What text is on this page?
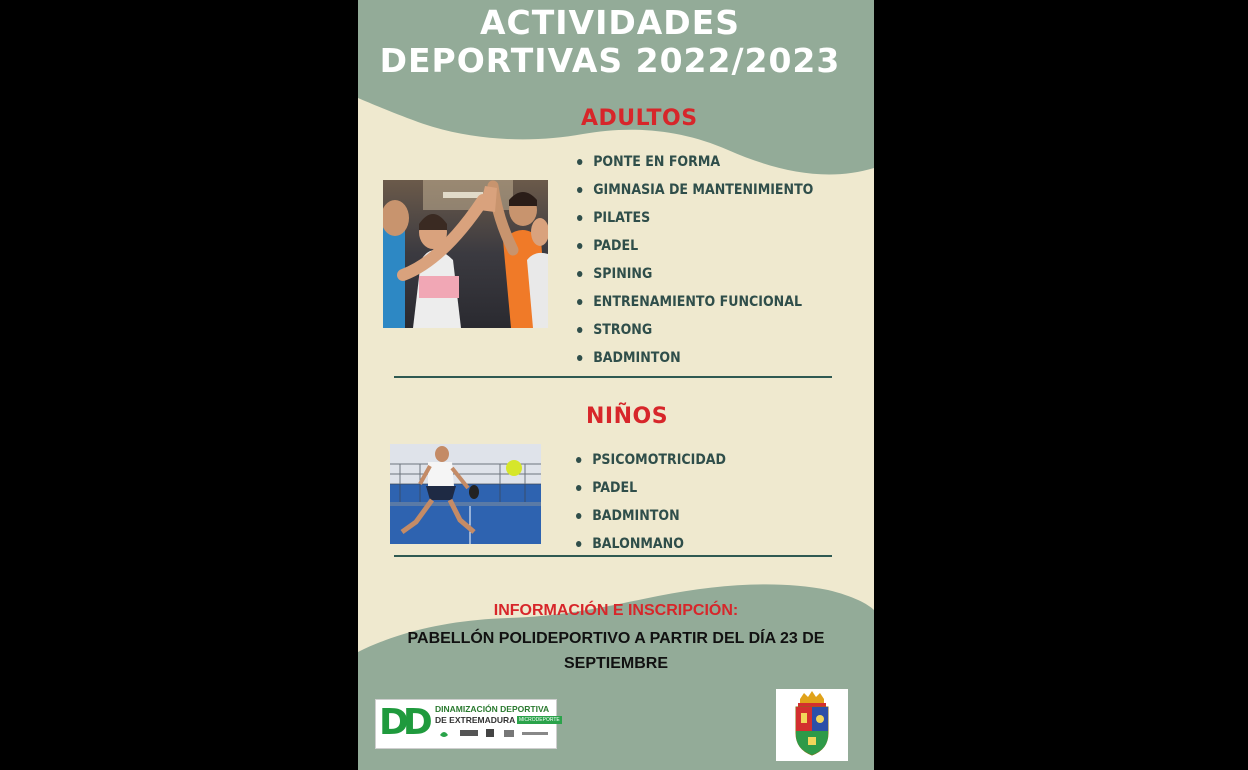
ACTIVIDADES
DEPORTIVAS 2022/2023
ADULTOS
PONTE EN FORMA
GIMNASIA DE MANTENIMIENTO
PILATES
PADEL
SPINING
ENTRENAMIENTO FUNCIONAL
STRONG
BADMINTON
NIÑOS
PSICOMOTRICIDAD
PADEL
BADMINTON
BALONMANO
INFORMACIÓN E INSCRIPCIÓN:
PABELLÓN POLIDEPORTIVO A PARTIR DEL DÍA 23 DE SEPTIEMBRE
DD DINAMIZACIÓN DEPORTIVA
DE EXTREMADURA MICRODEPORTE
